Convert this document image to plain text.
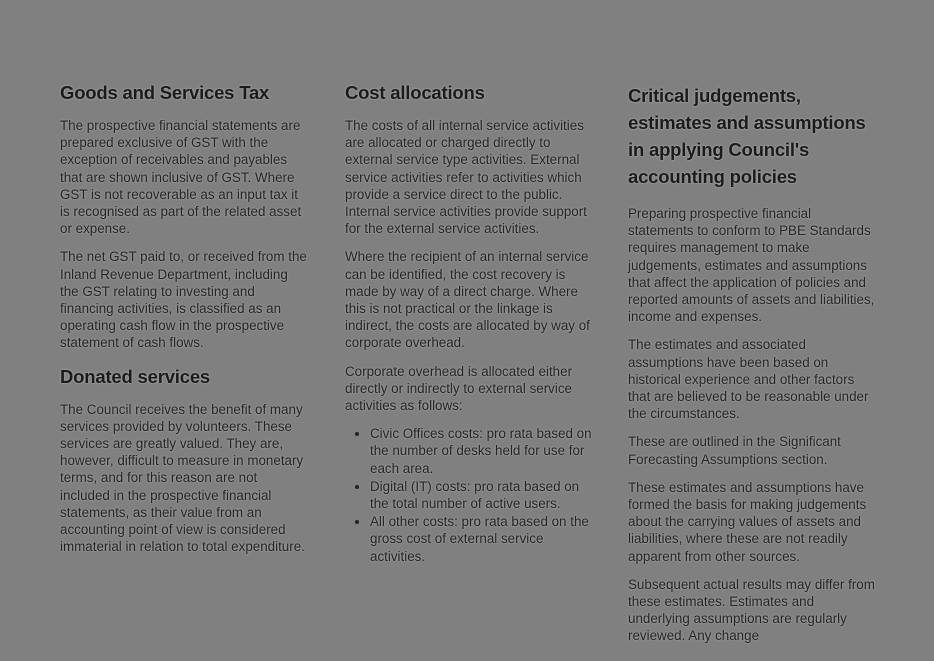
Goods and Services Tax

The prospective financial statements are prepared exclusive of GST with the exception of receivables and payables that are shown inclusive of GST. Where GST is not recoverable as an input tax it is recognised as part of the related asset or expense.

The net GST paid to, or received from the Inland Revenue Department, including the GST relating to investing and financing activities, is classified as an operating cash flow in the prospective statement of cash flows.

Donated services

The Council receives the benefit of many services provided by volunteers. These services are greatly valued. They are, however, difficult to measure in monetary terms, and for this reason are not included in the prospective financial statements, as their value from an accounting point of view is considered immaterial in relation to total expenditure.

Cost allocations

The costs of all internal service activities are allocated or charged directly to external service type activities. External service activities refer to activities which provide a service direct to the public. Internal service activities provide support for the external service activities.

Where the recipient of an internal service can be identified, the cost recovery is made by way of a direct charge. Where this is not practical or the linkage is indirect, the costs are allocated by way of corporate overhead.

Corporate overhead is allocated either directly or indirectly to external service activities as follows:

• Civic Offices costs: pro rata based on the number of desks held for use for each area.
• Digital (IT) costs: pro rata based on the total number of active users.
• All other costs: pro rata based on the gross cost of external service activities.
Critical judgements, estimates and assumptions in applying Council's accounting policies

Preparing prospective financial statements to conform to PBE Standards requires management to make judgements, estimates and assumptions that affect the application of policies and reported amounts of assets and liabilities, income and expenses.

The estimates and associated assumptions have been based on historical experience and other factors that are believed to be reasonable under the circumstances.

These are outlined in the Significant Forecasting Assumptions section.

These estimates and assumptions have formed the basis for making judgements about the carrying values of assets and liabilities, where these are not readily apparent from other sources.

Subsequent actual results may differ from these estimates. Estimates and underlying assumptions are regularly reviewed. Any change
